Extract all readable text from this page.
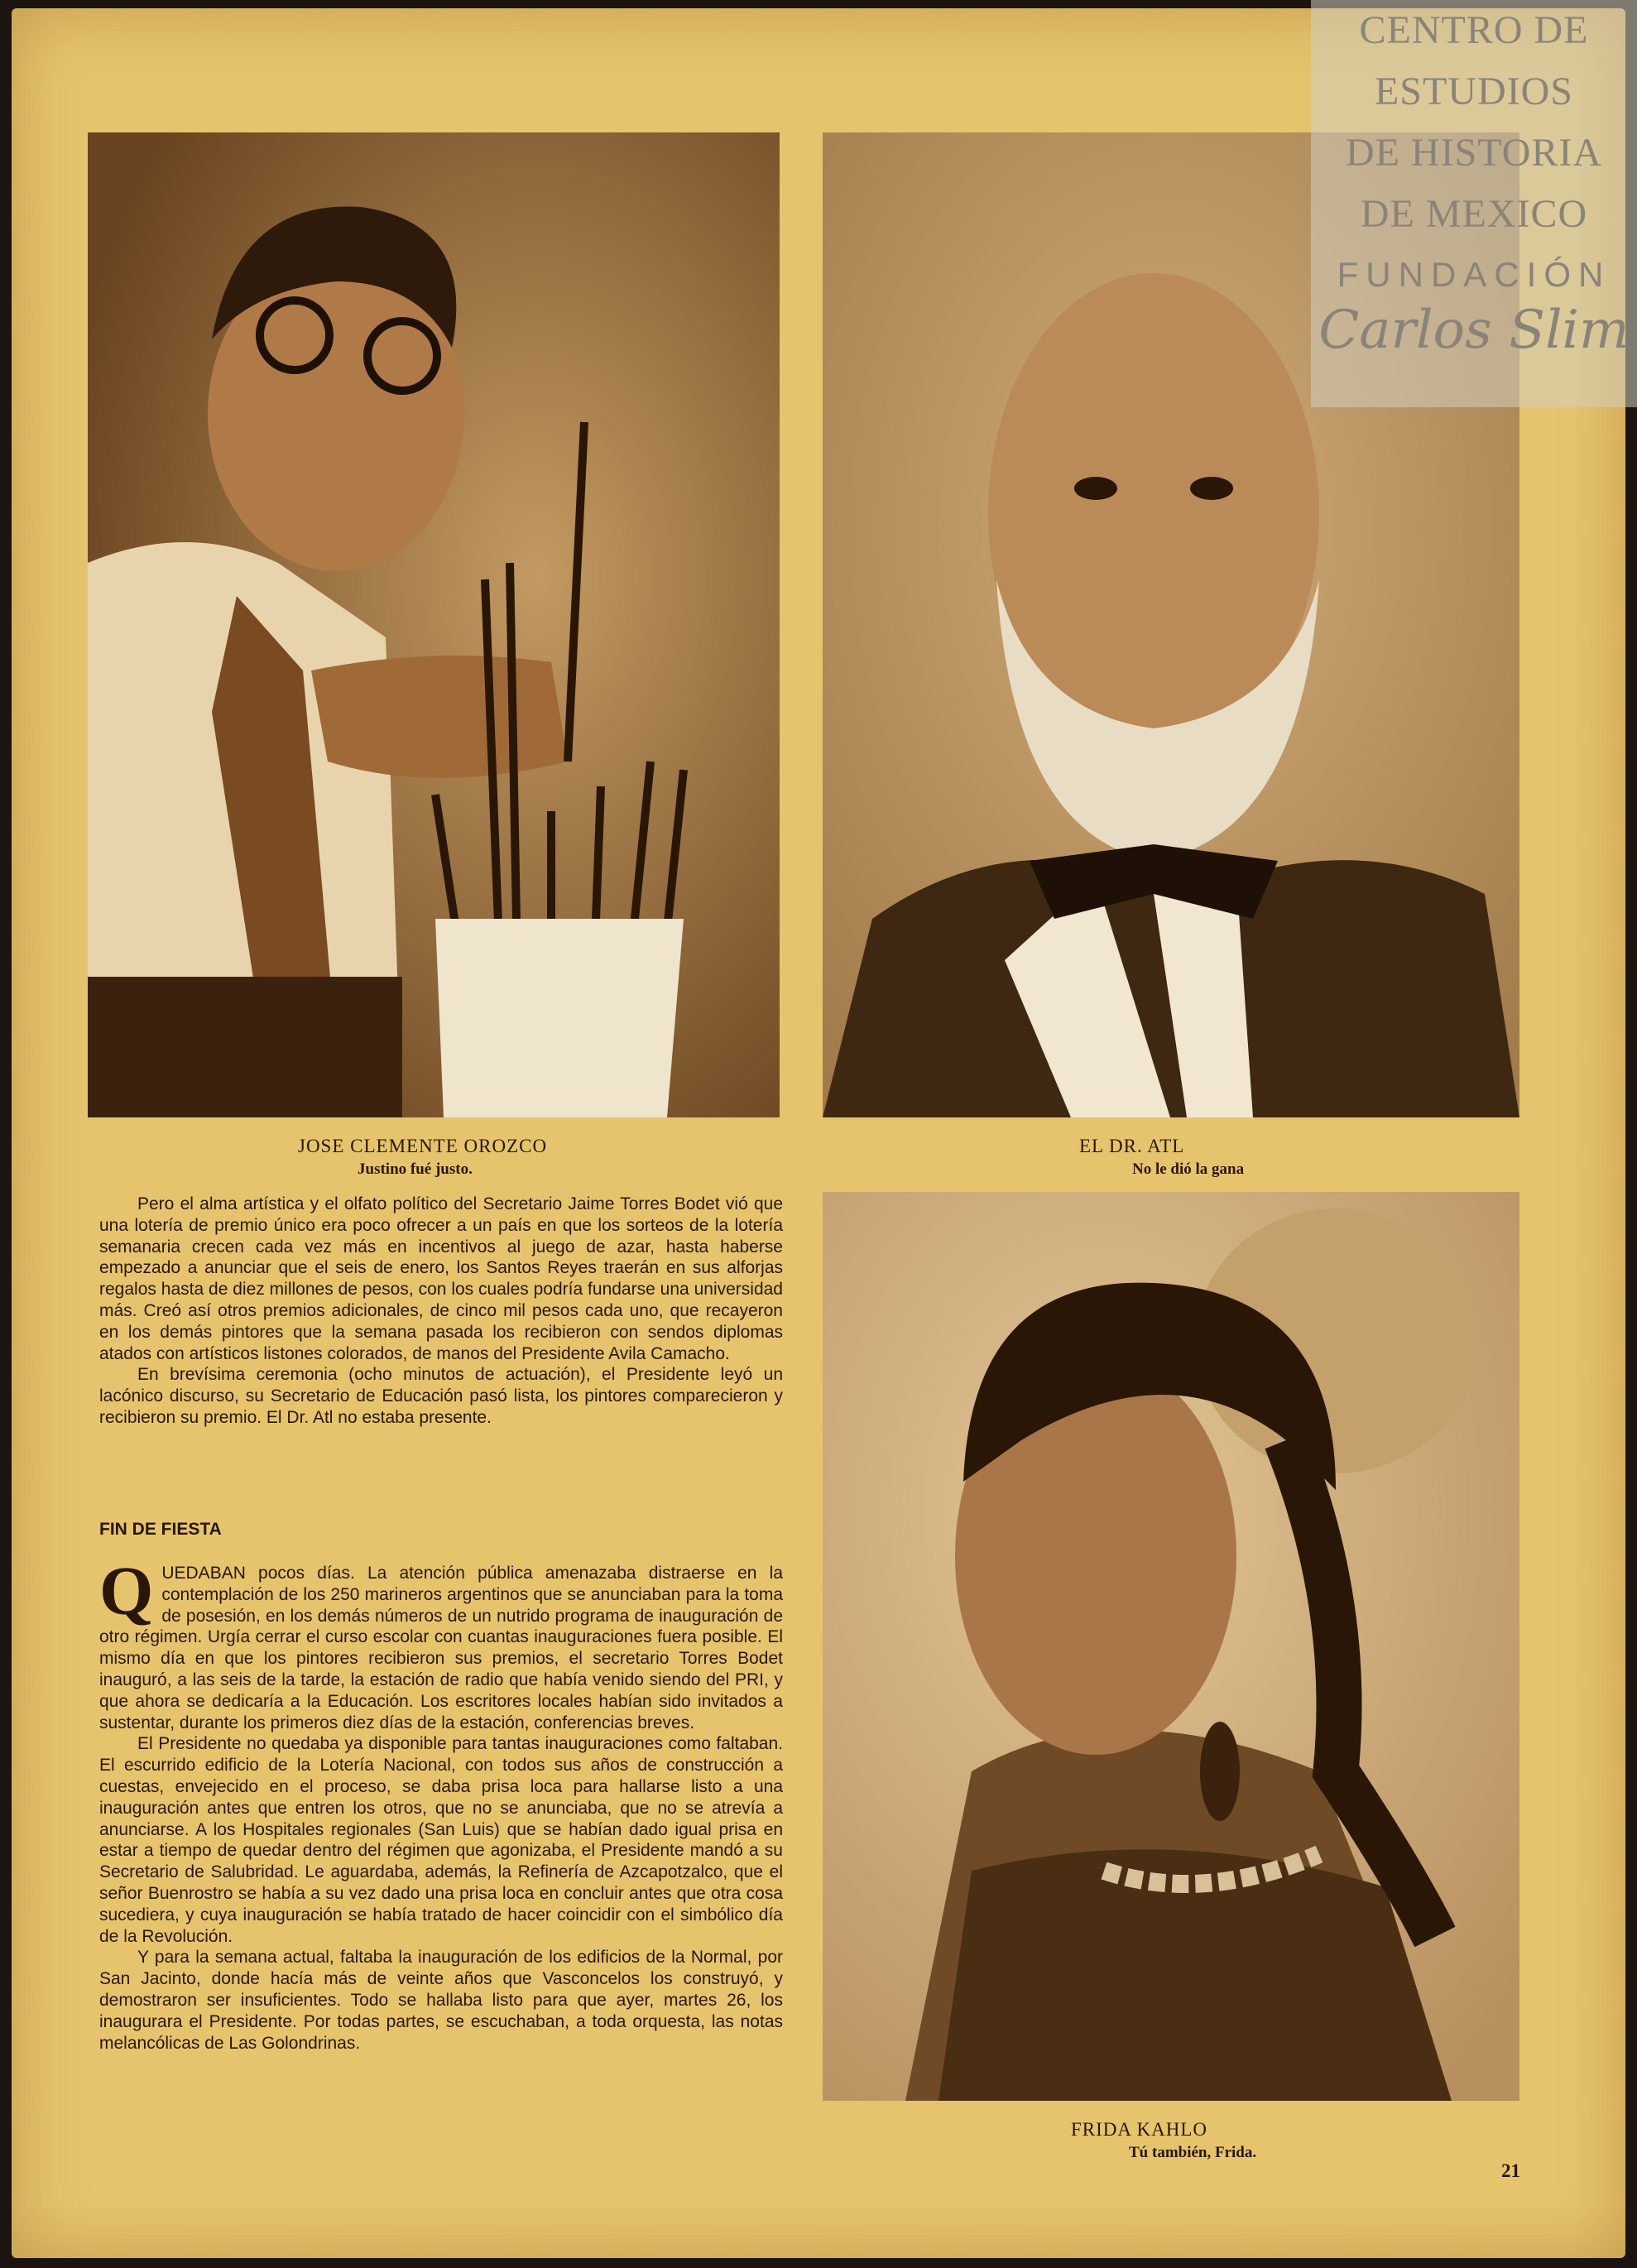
JOSE CLEMENTE OROZCO
Justino fué justo.
EL DR. ATL
No le dió la gana
FRIDA KAHLO
Tú también, Frida.

Pero el alma artística y el olfato político del Secretario Jaime Torres Bodet vió que una lotería de premio único era poco ofrecer a un país en que los sorteos de la lotería semanaria crecen cada vez más en incentivos al juego de azar, hasta haberse empezado a anunciar que el seis de enero, los Santos Reyes traerán en sus alforjas regalos hasta de diez millones de pesos, con los cuales podría fundarse una universidad más. Creó así otros premios adicionales, de cinco mil pesos cada uno, que recayeron en los demás pintores que la semana pasada los recibieron con sendos diplomas atados con artísticos listones colorados, de manos del Presidente Avila Camacho.

En brevísima ceremonia (ocho minutos de actuación), el Presidente leyó un lacónico discurso, su Secretario de Educación pasó lista, los pintores comparecieron y recibieron su premio. El Dr. Atl no estaba presente.

FIN DE FIESTA

QUEDABAN pocos días. La atención pública amenazaba distraerse en la contemplación de los 250 marineros argentinos que se anunciaban para la toma de posesión, en los demás números de un nutrido programa de inauguración de otro régimen. Urgía cerrar el curso escolar con cuantas inauguraciones fuera posible. El mismo día en que los pintores recibieron sus premios, el secretario Torres Bodet inauguró, a las seis de la tarde, la estación de radio que había venido siendo del PRI, y que ahora se dedicaría a la Educación. Los escritores locales habían sido invitados a sustentar, durante los primeros diez días de la estación, conferencias breves.

El Presidente no quedaba ya disponible para tantas inauguraciones como faltaban. El escurrido edificio de la Lotería Nacional, con todos sus años de construcción a cuestas, envejecido en el proceso, se daba prisa loca para hallarse listo a una inauguración antes que entren los otros, que no se anunciaba, que no se atrevía a anunciarse. A los Hospitales regionales (San Luis) que se habían dado igual prisa en estar a tiempo de quedar dentro del régimen que agonizaba, el Presidente mandó a su Secretario de Salubridad. Le aguardaba, además, la Refinería de Azcapotzalco, que el señor Buenrostro se había a su vez dado una prisa loca en concluir antes que otra cosa sucediera, y cuya inauguración se había tratado de hacer coincidir con el simbólico día de la Revolución.

Y para la semana actual, faltaba la inauguración de los edificios de la Normal, por San Jacinto, donde hacía más de veinte años que Vasconcelos los construyó, y demostraron ser insuficientes. Todo se hallaba listo para que ayer, martes 26, los inaugurara el Presidente. Por todas partes, se escuchaban, a toda orquesta, las notas melancólicas de Las Golondrinas.

21
CENTRO DE
ESTUDIOS
DE HISTORIA
DE MEXICO
FUNDACIÓN
Carlos Slim
